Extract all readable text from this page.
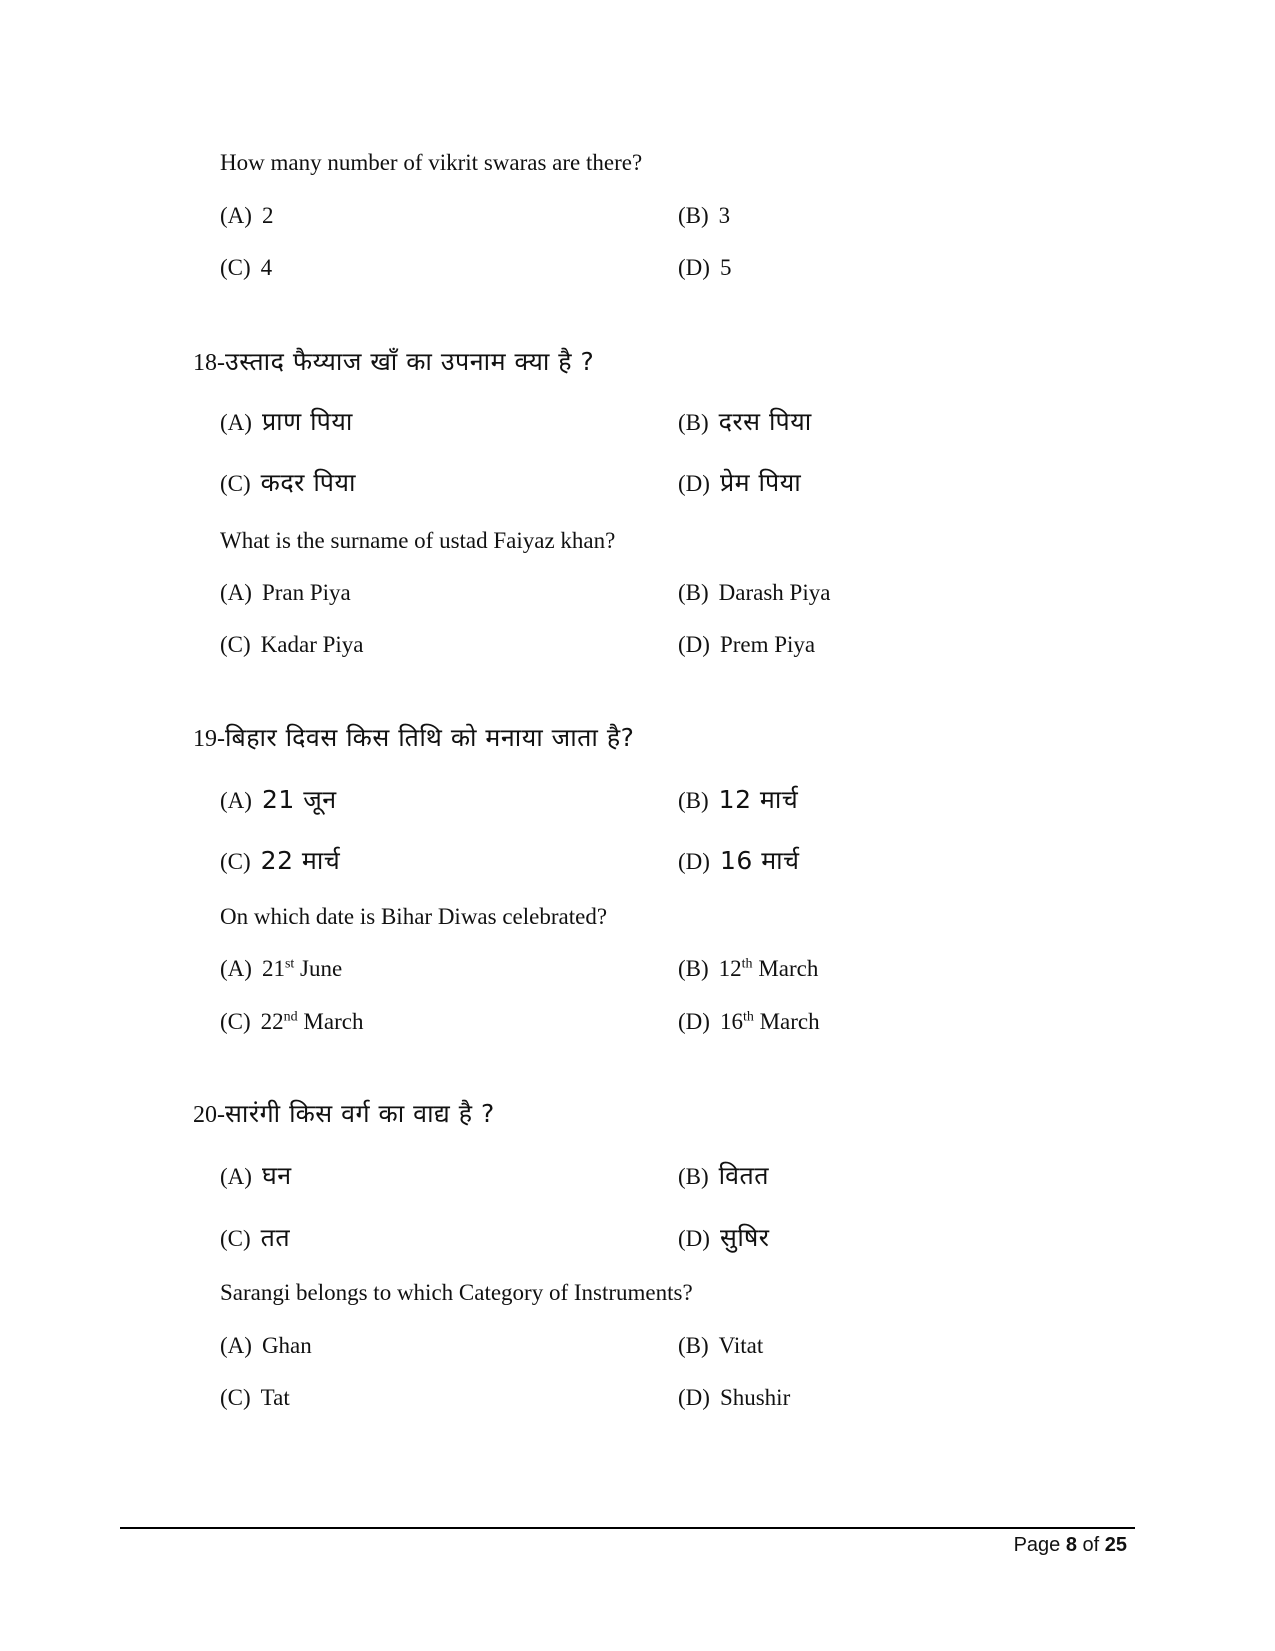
How many number of vikrit swaras are there?
(A) 2	(B) 3
(C) 4	(D) 5
18-उस्ताद फैय्याज खाँ का उपनाम क्या है ?
(A) प्राण पिया	(B) दरस पिया
(C) कदर पिया	(D) प्रेम पिया
What is the surname of ustad Faiyaz khan?
(A) Pran Piya	(B) Darash Piya
(C) Kadar Piya	(D) Prem Piya
19-बिहार दिवस किस तिथि को मनाया जाता है?
(A) 21 जून	(B) 12 मार्च
(C) 22 मार्च	(D) 16 मार्च
On which date is Bihar Diwas celebrated?
(A) 21st June	(B) 12th March
(C) 22nd March	(D) 16th March
20-सारंगी किस वर्ग का वाद्य है ?
(A) घन	(B) वितत
(C) तत	(D) सुषिर
Sarangi belongs to which Category of Instruments?
(A) Ghan	(B) Vitat
(C) Tat	(D) Shushir
Page 8 of 25
